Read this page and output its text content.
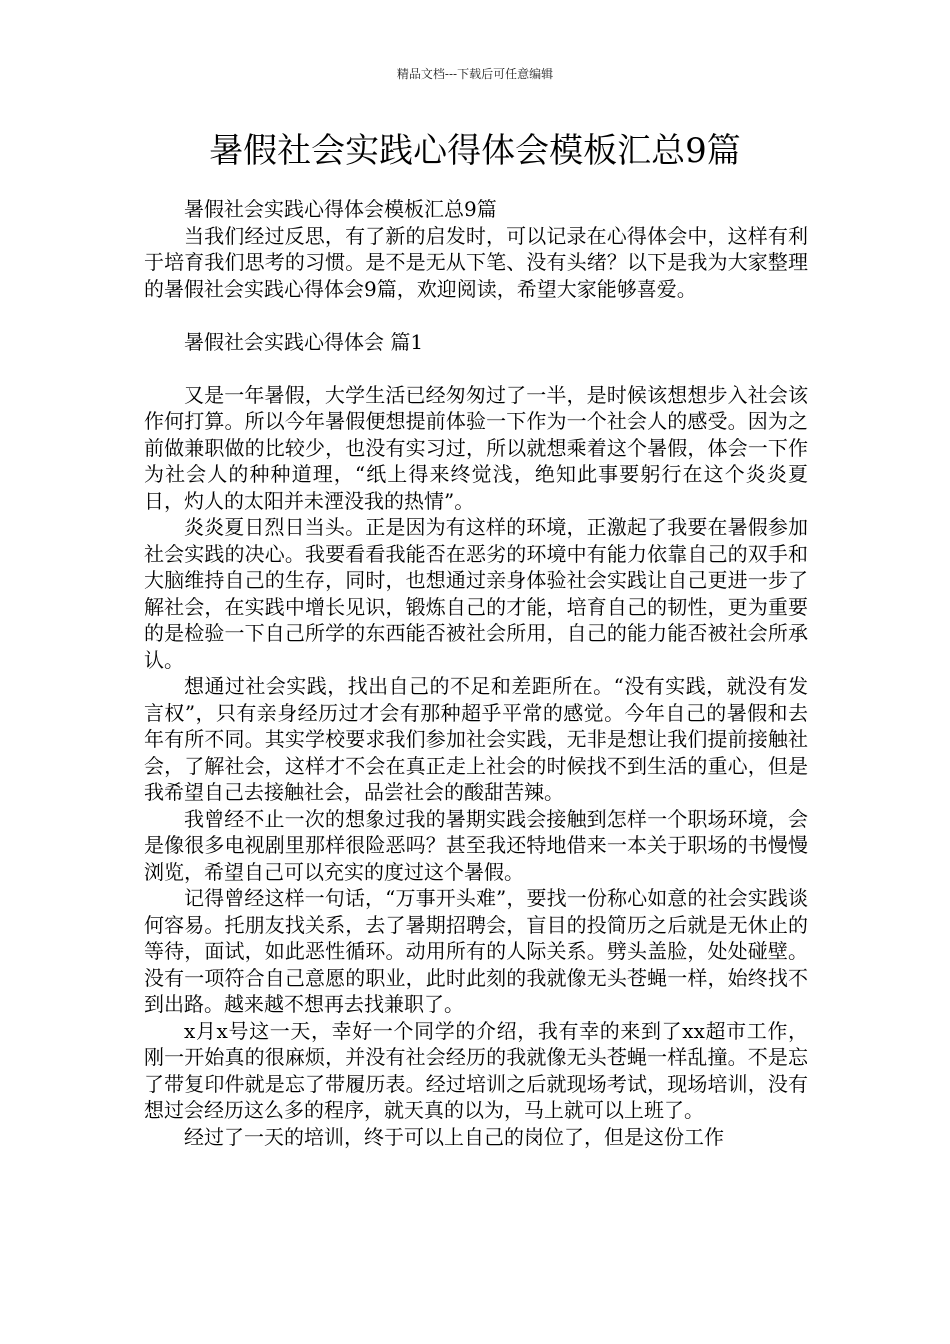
精品文档---下载后可任意编辑
暑假社会实践心得体会模板汇总9篇

暑假社会实践心得体会模板汇总9篇

当我们经过反思，有了新的启发时，可以记录在心得体会中，这样有利于培育我们思考的习惯。是不是无从下笔、没有头绪？以下是我为大家整理的暑假社会实践心得体会9篇，欢迎阅读，希望大家能够喜爱。

暑假社会实践心得体会 篇1

又是一年暑假，大学生活已经匆匆过了一半，是时候该想想步入社会该作何打算。所以今年暑假便想提前体验一下作为一个社会人的感受。因为之前做兼职做的比较少，也没有实习过，所以就想乘着这个暑假，体会一下作为社会人的种种道理，“纸上得来终觉浅，绝知此事要躬行在这个炎炎夏日，灼人的太阳并未湮没我的热情”。

炎炎夏日烈日当头。正是因为有这样的环境，正激起了我要在暑假参加社会实践的决心。我要看看我能否在恶劣的环境中有能力依靠自己的双手和大脑维持自己的生存，同时，也想通过亲身体验社会实践让自己更进一步了解社会，在实践中增长见识，锻炼自己的才能，培育自己的韧性，更为重要的是检验一下自己所学的东西能否被社会所用，自己的能力能否被社会所承认。

想通过社会实践，找出自己的不足和差距所在。“没有实践，就没有发言权”，只有亲身经历过才会有那种超乎平常的感觉。今年自己的暑假和去年有所不同。其实学校要求我们参加社会实践，无非是想让我们提前接触社会，了解社会，这样才不会在真正走上社会的时候找不到生活的重心，但是我希望自己去接触社会，品尝社会的酸甜苦辣。

我曾经不止一次的想象过我的暑期实践会接触到怎样一个职场环境，会是像很多电视剧里那样很险恶吗？甚至我还特地借来一本关于职场的书慢慢浏览，希望自己可以充实的度过这个暑假。

记得曾经这样一句话，“万事开头难”，要找一份称心如意的社会实践谈何容易。托朋友找关系，去了暑期招聘会，盲目的投简历之后就是无休止的等待，面试，如此恶性循环。动用所有的人际关系。劈头盖脸，处处碰壁。没有一项符合自己意愿的职业，此时此刻的我就像无头苍蝇一样，始终找不到出路。越来越不想再去找兼职了。

x月x号这一天，幸好一个同学的介绍，我有幸的来到了xx超市工作，刚一开始真的很麻烦，并没有社会经历的我就像无头苍蝇一样乱撞。不是忘了带复印件就是忘了带履历表。经过培训之后就现场考试，现场培训，没有想过会经历这么多的程序，就天真的以为，马上就可以上班了。

经过了一天的培训，终于可以上自己的岗位了，但是这份工作
